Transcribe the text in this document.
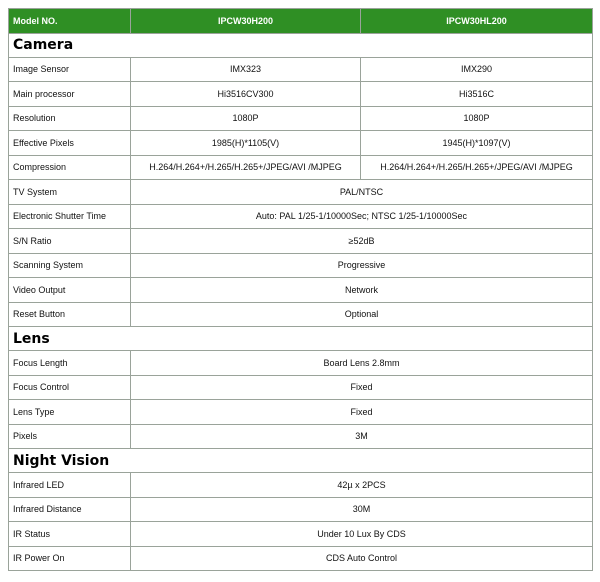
Model NO.	IPCW30H200	IPCW30HL200
Camera		
Image Sensor	IMX323	IMX290
Main processor	Hi3516CV300	Hi3516C
Resolution	1080P	1080P
Effective Pixels	1985(H)*1105(V)	1945(H)*1097(V)
Compression	H.264/H.264+/H.265/H.265+/JPEG/AVI /MJPEG	H.264/H.264+/H.265/H.265+/JPEG/AVI /MJPEG
TV System	PAL/NTSC	
Electronic Shutter Time	Auto: PAL 1/25-1/10000Sec; NTSC 1/25-1/10000Sec	
S/N Ratio	≥52dB	
Scanning System	Progressive	
Video Output	Network	
Reset Button	Optional	
Lens		
Focus Length	Board Lens 2.8mm	
Focus Control	Fixed	
Lens Type	Fixed	
Pixels	3M	
Night Vision		
Infrared LED	42µ x 2PCS	
Infrared Distance	30M	
IR Status	Under 10 Lux By CDS	
IR Power On	CDS Auto Control	
